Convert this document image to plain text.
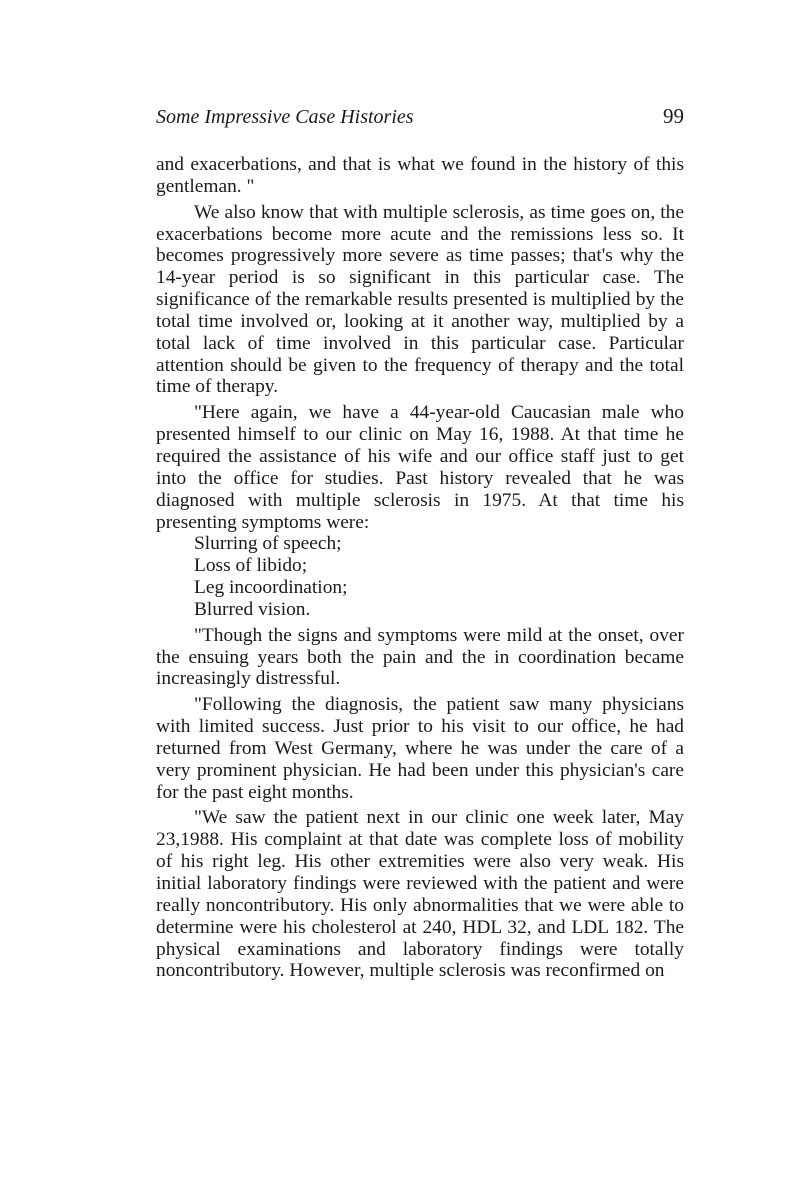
Some Impressive Case Histories	99

and exacerbations, and that is what we found in the history of this gentleman. "

We also know that with multiple sclerosis, as time goes on, the exacerbations become more acute and the remissions less so. It becomes progressively more severe as time passes; that's why the 14-year period is so significant in this particular case. The significance of the remarkable results presented is multiplied by the total time involved or, looking at it another way, multiplied by a total lack of time involved in this particular case. Particular attention should be given to the frequency of therapy and the total time of therapy.

"Here again, we have a 44-year-old Caucasian male who presented himself to our clinic on May 16, 1988. At that time he required the assistance of his wife and our office staff just to get into the office for studies. Past history revealed that he was diagnosed with multiple sclerosis in 1975. At that time his presenting symptoms were:

Slurring of speech;
Loss of libido;
Leg incoordination;
Blurred vision.

"Though the signs and symptoms were mild at the onset, over the ensuing years both the pain and the in coordination became increasingly distressful.

"Following the diagnosis, the patient saw many physicians with limited success. Just prior to his visit to our office, he had returned from West Germany, where he was under the care of a very prominent physician. He had been under this physician's care for the past eight months.

"We saw the patient next in our clinic one week later, May 23,1988. His complaint at that date was complete loss of mobility of his right leg. His other extremities were also very weak. His initial laboratory findings were reviewed with the patient and were really noncontributory. His only abnormalities that we were able to determine were his cholesterol at 240, HDL 32, and LDL 182. The physical examinations and laboratory findings were totally noncontributory. However, multiple sclerosis was reconfirmed on
